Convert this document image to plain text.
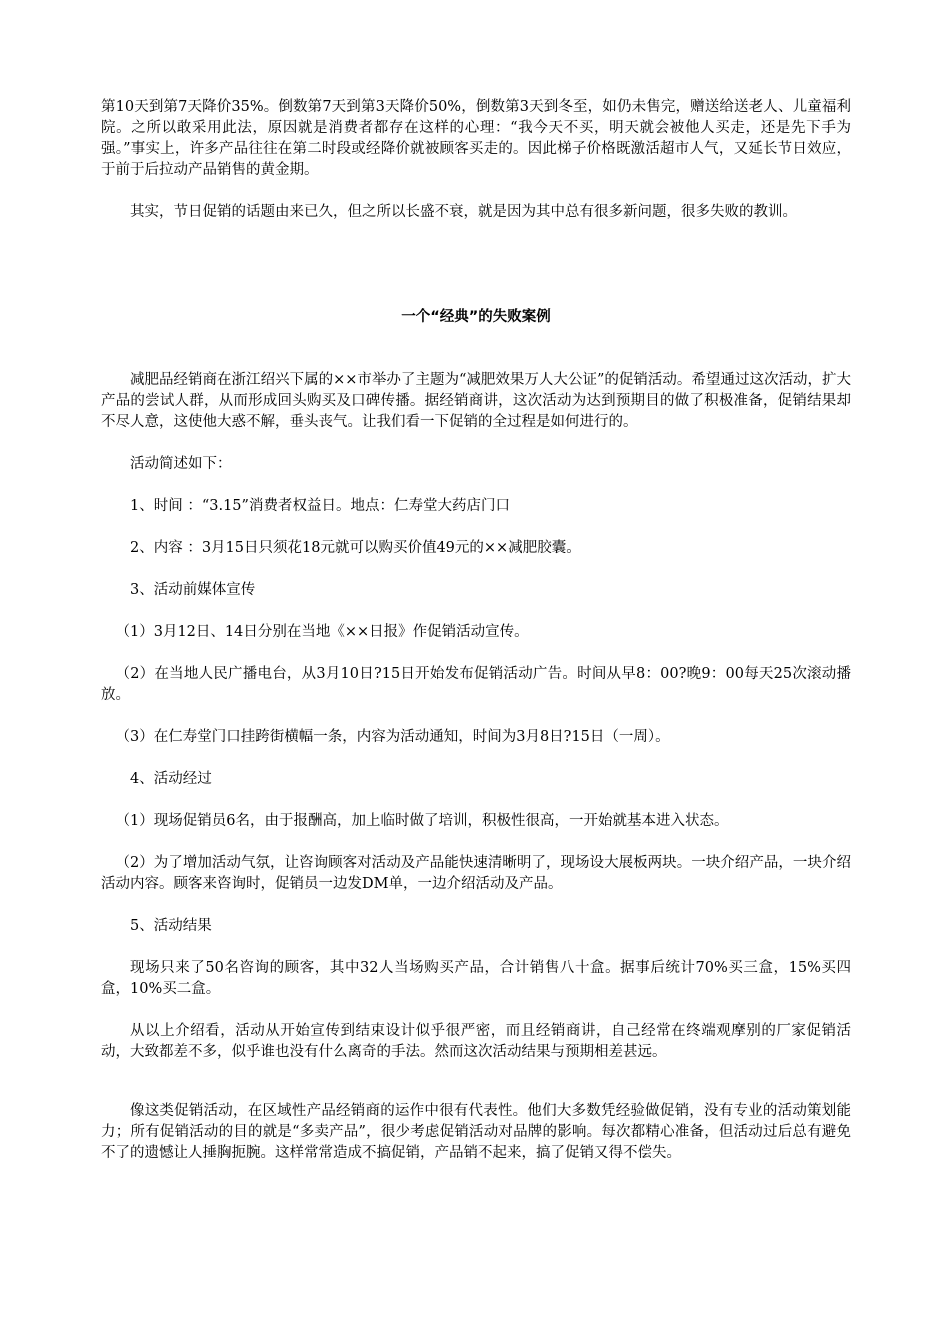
第10天到第7天降价35%。倒数第7天到第3天降价50%，倒数第3天到冬至，如仍未售完，赠送给送老人、儿童福利院。之所以敢采用此法，原因就是消费者都存在这样的心理：“我今天不买，明天就会被他人买走，还是先下手为强。”事实上，许多产品往往在第二时段或经降价就被顾客买走的。因此梯子价格既激活超市人气，又延长节日效应，于前于后拉动产品销售的黄金期。

其实，节日促销的话题由来已久，但之所以长盛不衰，就是因为其中总有很多新问题，很多失败的教训。

一个“经典”的失败案例

减肥品经销商在浙江绍兴下属的××市举办了主题为“减肥效果万人大公证”的促销活动。希望通过这次活动，扩大产品的尝试人群，从而形成回头购买及口碑传播。据经销商讲，这次活动为达到预期目的做了积极准备，促销结果却不尽人意，这使他大惑不解，垂头丧气。让我们看一下促销的全过程是如何进行的。

活动简述如下：

1、时间 ：“3.15”消费者权益日。地点：仁寿堂大药店门口

2、内容 ：3月15日只须花18元就可以购买价值49元的××减肥胶囊。

3、活动前媒体宣传

（1）3月12日、14日分别在当地《××日报》作促销活动宣传。

（2）在当地人民广播电台，从3月10日?15日开始发布促销活动广告。时间从早8：00?晚9：00每天25次滚动播放。

（3）在仁寿堂门口挂跨街横幅一条，内容为活动通知，时间为3月8日?15日（一周）。

4、活动经过

（1）现场促销员6名，由于报酬高，加上临时做了培训，积极性很高，一开始就基本进入状态。

（2）为了增加活动气氛，让咨询顾客对活动及产品能快速清晰明了，现场设大展板两块。一块介绍产品，一块介绍活动内容。顾客来咨询时，促销员一边发DM单，一边介绍活动及产品。

5、活动结果

现场只来了50名咨询的顾客，其中32人当场购买产品，合计销售八十盒。据事后统计70%买三盒，15%买四盒，10%买二盒。

从以上介绍看，活动从开始宣传到结束设计似乎很严密，而且经销商讲，自己经常在终端观摩别的厂家促销活动，大致都差不多，似乎谁也没有什么离奇的手法。然而这次活动结果与预期相差甚远。

像这类促销活动，在区域性产品经销商的运作中很有代表性。他们大多数凭经验做促销，没有专业的活动策划能力；所有促销活动的目的就是“多卖产品”，很少考虑促销活动对品牌的影响。每次都精心准备，但活动过后总有避免不了的遗憾让人捶胸扼腕。这样常常造成不搞促销，产品销不起来，搞了促销又得不偿失。
